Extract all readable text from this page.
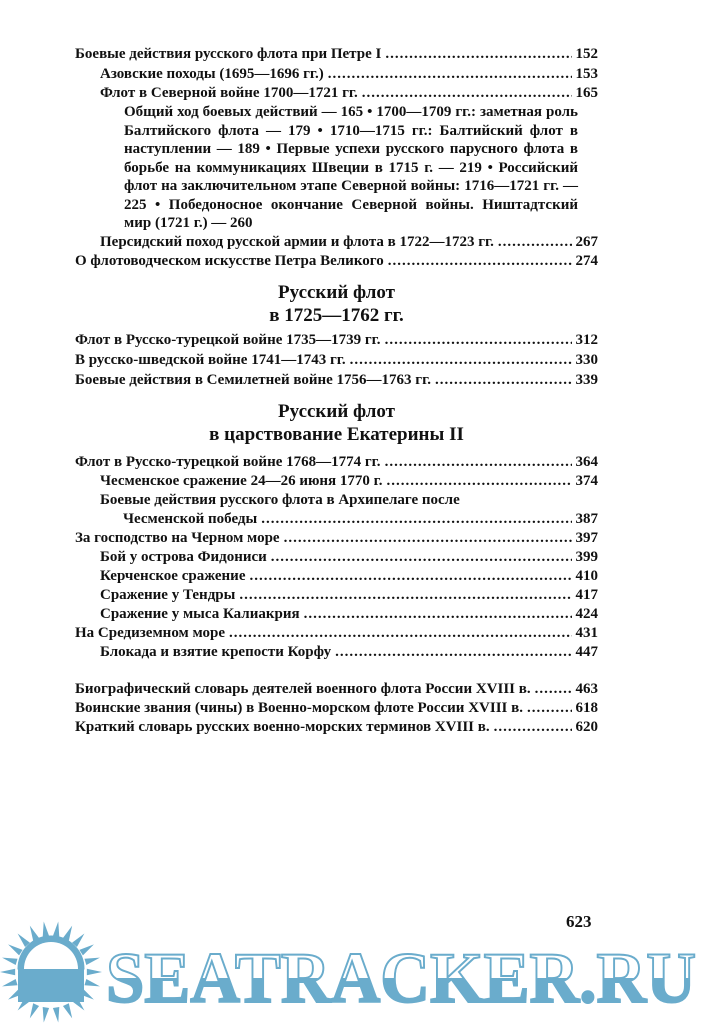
Боевые действия русского флота при Петре I .....	152
Азовские походы (1695—1696 гг.) .....	153
Флот в Северной войне 1700—1721 гг. .....	165
Общий ход боевых действий — 165 • 1700—1709 гг.: заметная роль Балтийского флота — 179 • 1710—1715 гг.: Балтийский флот в наступлении — 189 • Первые успехи русского парусного флота в борьбе на коммуникациях Швеции в 1715 г. — 219 • Российский флот на заключительном этапе Северной войны: 1716—1721 гг. — 225 • Победоносное окончание Северной войны. Ништадтский мир (1721 г.) — 260
Персидский поход русской армии и флота в 1722—1723 гг. .....	267
О флотоводческом искусстве Петра Великого .....	274
Русский флот
в 1725—1762 гг.
Флот в Русско-турецкой войне 1735—1739 гг. .....	312
В русско-шведской войне 1741—1743 гг. .....	330
Боевые действия в Семилетней войне 1756—1763 гг. .....	339
Русский флот
в царствование Екатерины II
Флот в Русско-турецкой войне 1768—1774 гг. .....	364
Чесменское сражение 24—26 июня 1770 г. .....	374
Боевые действия русского флота в Архипелаге после
Чесменской победы .....	387
За господство на Черном море .....	397
Бой у острова Фидониси .....	399
Керченское сражение .....	410
Сражение у Тендры .....	417
Сражение у мыса Калиакрия .....	424
На Средиземном море .....	431
Блокада и взятие крепости Корфу .....	447
Биографический словарь деятелей военного флота России XVIII в. .....	463
Воинские звания (чины) в Военно-морском флоте России XVIII в. .....	618
Краткий словарь русских военно-морских терминов XVIII в. .....	620
623
SEATRACKER.RU
